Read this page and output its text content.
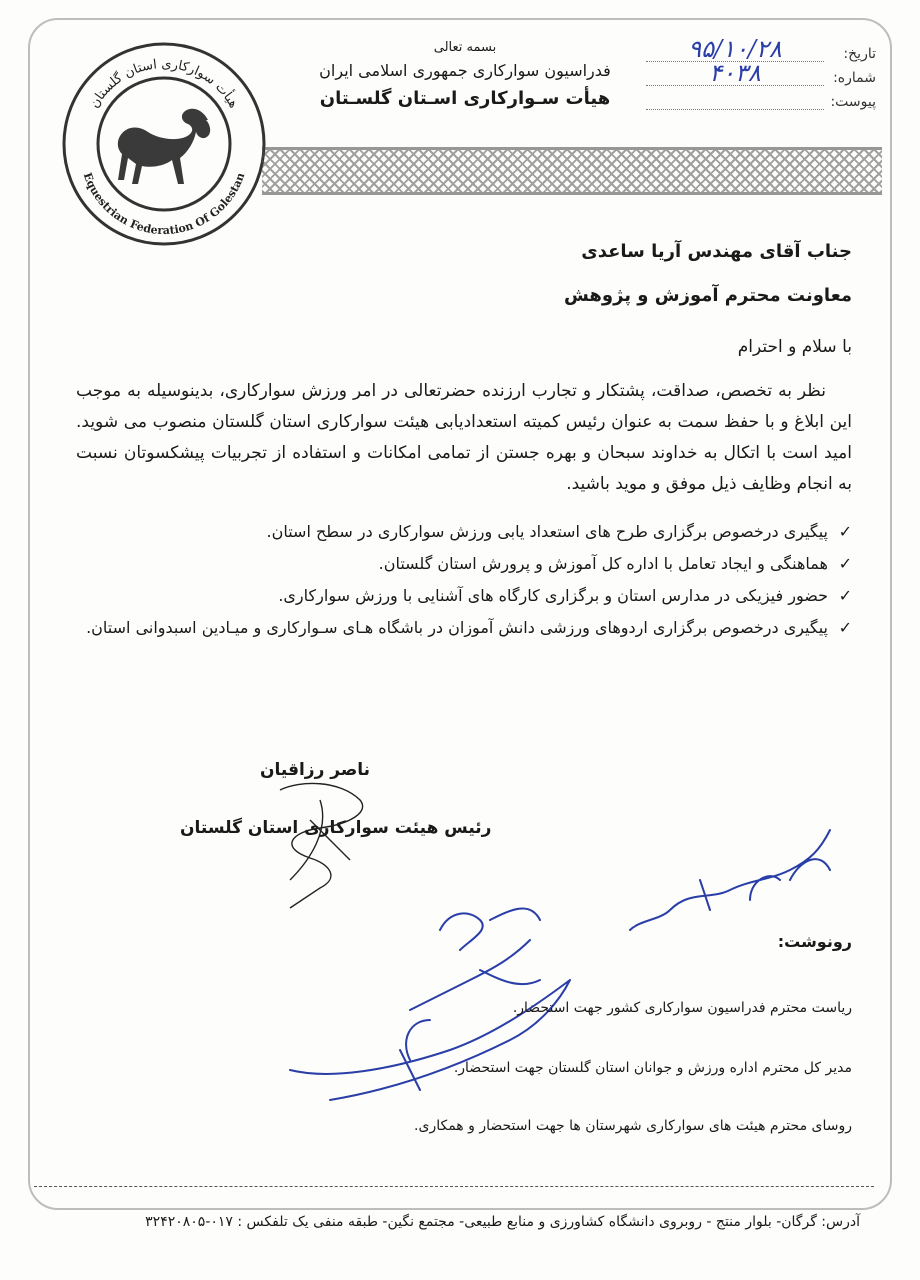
هیأت سوارکاری استان گلستان
Equestrian Federation Of Golestan
بسمه تعالی
فدراسیون سوارکاری جمهوری اسلامی ایران
هیأت سـوارکاری اسـتان گلسـتان
تاریخ:
۹۵/۱۰/۲۸
شماره:
۴۰۳۸
پیوست:
جناب آقای مهندس آریا ساعدی
معاونت محترم آموزش و پژوهش
با سلام و احترام
نظر به تخصص، صداقت، پشتکار و تجارب ارزنده حضرتعالی در امر ورزش سوارکاری، بدینوسیله به موجب این ابلاغ و با حفظ سمت به عنوان رئیس کمیته استعدادیابی هیئت سوارکاری استان گلستان منصوب می شوید. امید است با اتکال به خداوند سبحان و بهره جستن از تمامی امکانات و استفاده از تجربیات پیشکسوتان نسبت به انجام وظایف ذیل موفق و موید باشید.
✓
پیگیری درخصوص برگزاری طرح های استعداد یابی ورزش سوارکاری در سطح استان.
✓
هماهنگی و ایجاد تعامل با اداره کل آموزش و پرورش استان گلستان.
✓
حضور فیزیکی در مدارس استان و برگزاری کارگاه های آشنایی با ورزش سوارکاری.
✓
پیگیری درخصوص برگزاری اردوهای ورزشی دانش آموزان در باشگاه هـای سـوارکاری و میـادین اسبدوانی استان.
ناصر رزاقیان
رئیس هیئت سوارکاری استان گلستان
رونوشت:
ریاست محترم فدراسیون سوارکاری کشور جهت استحضار.
مدیر کل محترم اداره ورزش و جوانان استان گلستان جهت استحضار.
روسای محترم هیئت های سوارکاری شهرستان ها جهت استحضار و همکاری.
آدرس: گرگان- بلوار منتج - روبروی دانشگاه کشاورزی و منابع طبیعی- مجتمع نگین- طبقه منفی یک تلفکس : ۰۱۷-۳۲۴۲۰۸۰۵
